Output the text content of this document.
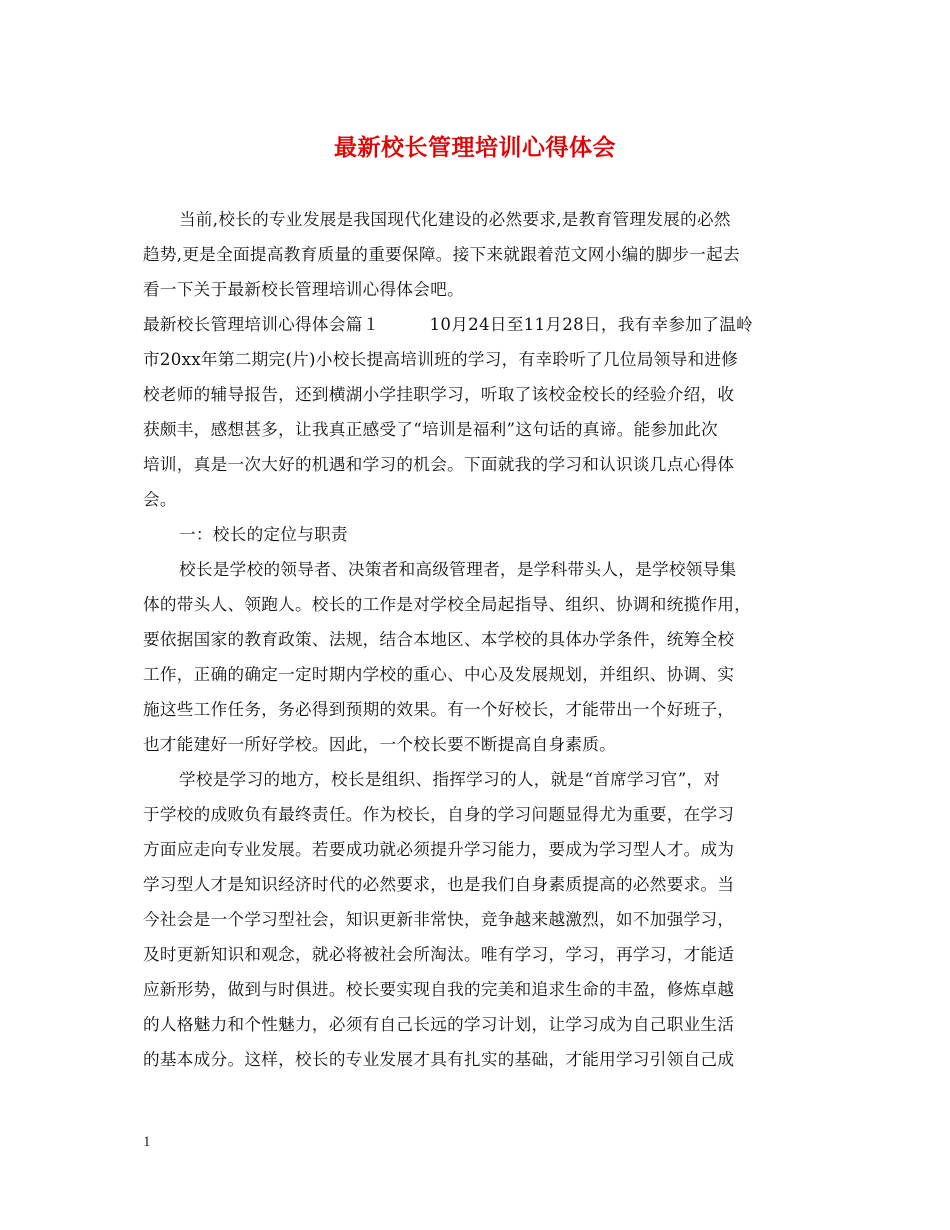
最新校长管理培训心得体会
当前,校长的专业发展是我国现代化建设的必然要求,是教育管理发展的必然
趋势,更是全面提高教育质量的重要保障。接下来就跟着范文网小编的脚步一起去
看一下关于最新校长管理培训心得体会吧。
最新校长管理培训心得体会篇１	10月24日至11月28日，我有幸参加了温岭
市20xx年第二期完(片)小校长提高培训班的学习，有幸聆听了几位局领导和进修
校老师的辅导报告，还到横湖小学挂职学习，听取了该校金校长的经验介绍，收
获颇丰，感想甚多，让我真正感受了“培训是福利”这句话的真谛。能参加此次
培训，真是一次大好的机遇和学习的机会。下面就我的学习和认识谈几点心得体
会。
一：校长的定位与职责
校长是学校的领导者、决策者和高级管理者，是学科带头人，是学校领导集
体的带头人、领跑人。校长的工作是对学校全局起指导、组织、协调和统揽作用，
要依据国家的教育政策、法规，结合本地区、本学校的具体办学条件，统筹全校
工作，正确的确定一定时期内学校的重心、中心及发展规划，并组织、协调、实
施这些工作任务，务必得到预期的效果。有一个好校长，才能带出一个好班子，
也才能建好一所好学校。因此，一个校长要不断提高自身素质。
学校是学习的地方，校长是组织、指挥学习的人，就是“首席学习官”，对
于学校的成败负有最终责任。作为校长，自身的学习问题显得尤为重要，在学习
方面应走向专业发展。若要成功就必须提升学习能力，要成为学习型人才。成为
学习型人才是知识经济时代的必然要求，也是我们自身素质提高的必然要求。当
今社会是一个学习型社会，知识更新非常快，竞争越来越激烈，如不加强学习，
及时更新知识和观念，就必将被社会所淘汰。唯有学习，学习，再学习，才能适
应新形势，做到与时俱进。校长要实现自我的完美和追求生命的丰盈，修炼卓越
的人格魅力和个性魅力，必须有自己长远的学习计划，让学习成为自己职业生活
的基本成分。这样，校长的专业发展才具有扎实的基础，才能用学习引领自己成
1
